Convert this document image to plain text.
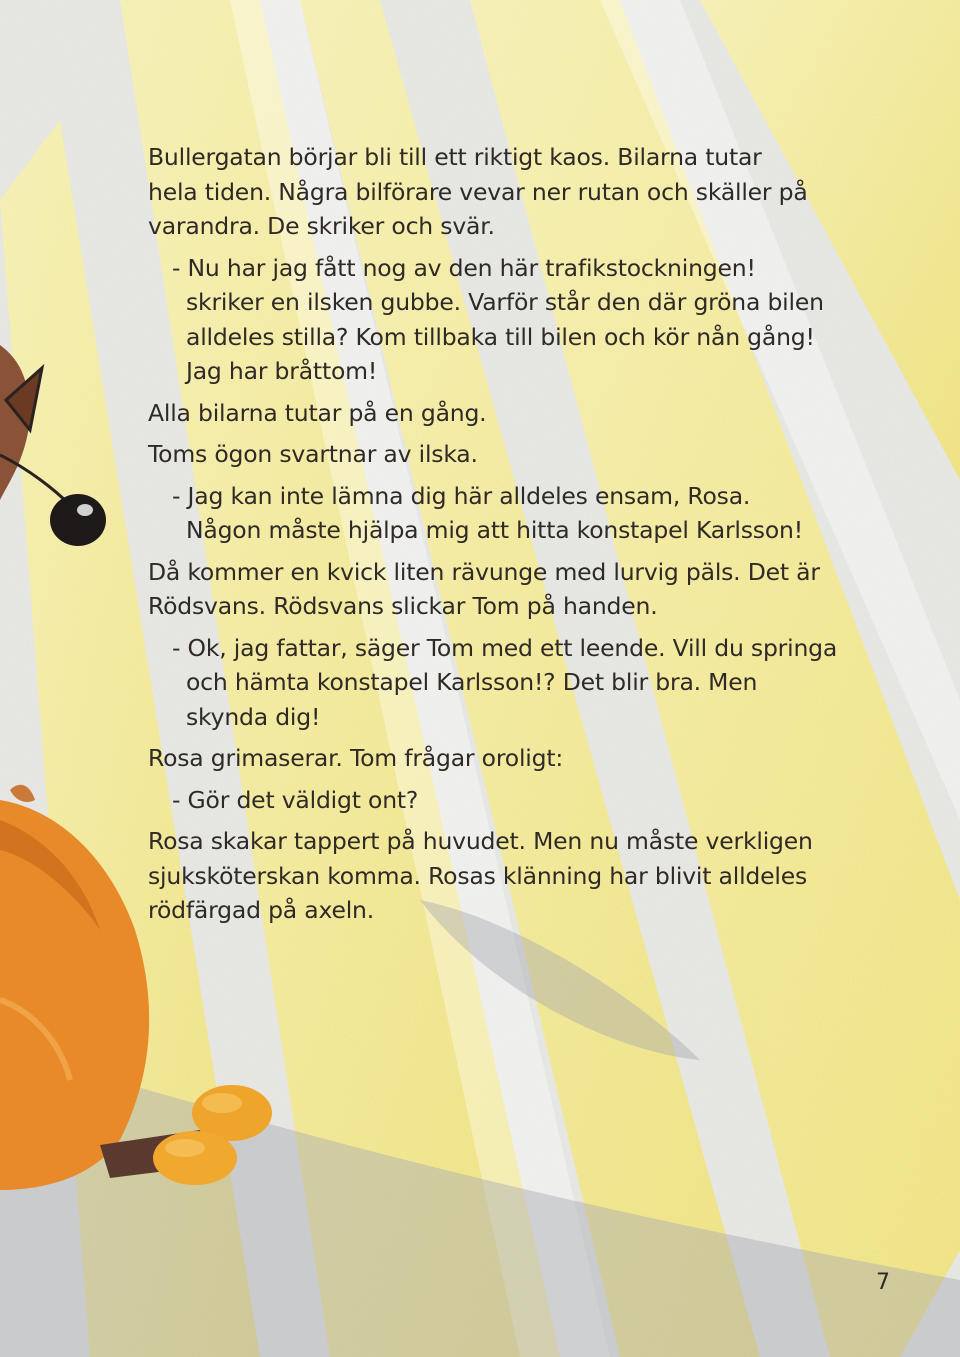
Bullergatan börjar bli till ett riktigt kaos. Bilarna tutar
hela tiden. Några bilförare vevar ner rutan och skäller på
varandra. De skriker och svär.

- Nu har jag fått nog av den här trafikstockningen!
skriker en ilsken gubbe. Varför står den där gröna bilen
alldeles stilla? Kom tillbaka till bilen och kör nån gång!
Jag har bråttom!

Alla bilarna tutar på en gång.

Toms ögon svartnar av ilska.

- Jag kan inte lämna dig här alldeles ensam, Rosa.
Någon måste hjälpa mig att hitta konstapel Karlsson!

Då kommer en kvick liten rävunge med lurvig päls. Det är
Rödsvans. Rödsvans slickar Tom på handen.

- Ok, jag fattar, säger Tom med ett leende. Vill du springa
och hämta konstapel Karlsson!? Det blir bra. Men
skynda dig!

Rosa grimaserar. Tom frågar oroligt:

- Gör det väldigt ont?

Rosa skakar tappert på huvudet. Men nu måste verkligen
sjuksköterskan komma. Rosas klänning har blivit alldeles
rödfärgad på axeln.

7
